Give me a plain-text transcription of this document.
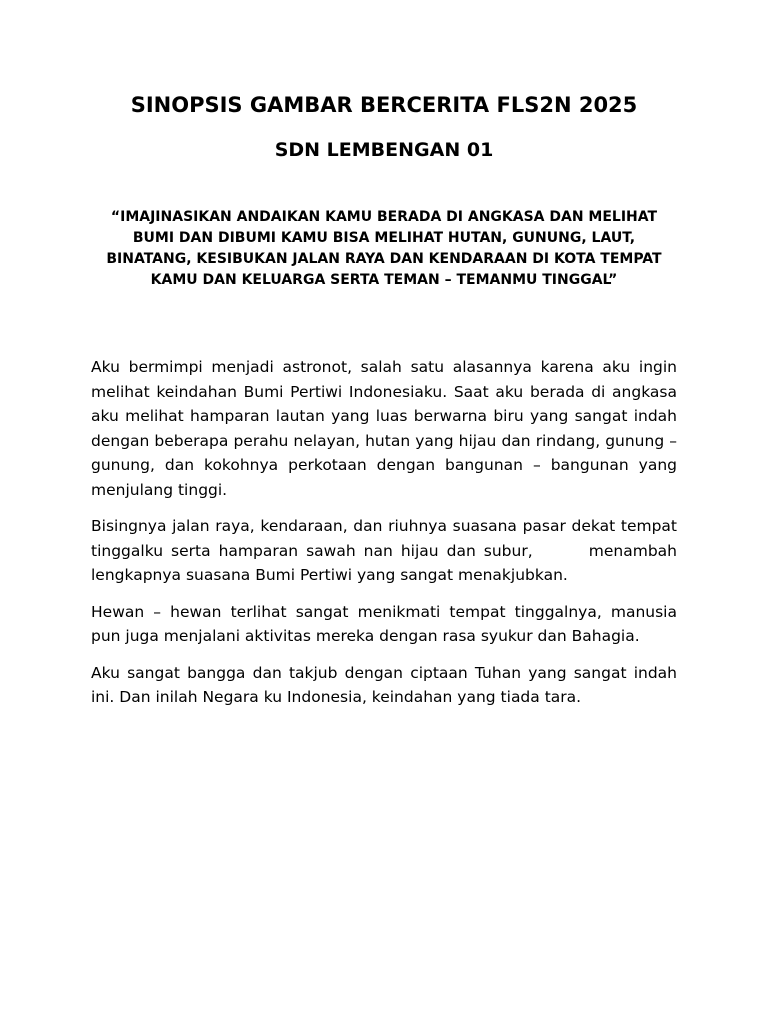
SINOPSIS GAMBAR BERCERITA FLS2N 2025
SDN LEMBENGAN 01

“IMAJINASIKAN ANDAIKAN KAMU BERADA DI ANGKASA DAN MELIHAT BUMI DAN DIBUMI KAMU BISA MELIHAT HUTAN, GUNUNG, LAUT, BINATANG, KESIBUKAN JALAN RAYA DAN KENDARAAN DI KOTA TEMPAT KAMU DAN KELUARGA SERTA TEMAN – TEMANMU TINGGAL”

Aku bermimpi menjadi astronot, salah satu alasannya karena aku ingin melihat keindahan Bumi Pertiwi Indonesiaku. Saat aku berada di angkasa aku melihat hamparan lautan yang luas berwarna biru yang sangat indah dengan beberapa perahu nelayan, hutan yang hijau dan rindang, gunung – gunung, dan kokohnya perkotaan dengan bangunan – bangunan yang menjulang tinggi.

Bisingnya jalan raya, kendaraan, dan riuhnya suasana pasar dekat tempat tinggalku serta hamparan sawah nan hijau dan subur,       menambah lengkapnya suasana Bumi Pertiwi yang sangat menakjubkan.

Hewan – hewan terlihat sangat menikmati tempat tinggalnya, manusia pun juga menjalani aktivitas mereka dengan rasa syukur dan Bahagia.

Aku sangat bangga dan takjub dengan ciptaan Tuhan yang sangat indah ini. Dan inilah Negara ku Indonesia, keindahan yang tiada tara.
